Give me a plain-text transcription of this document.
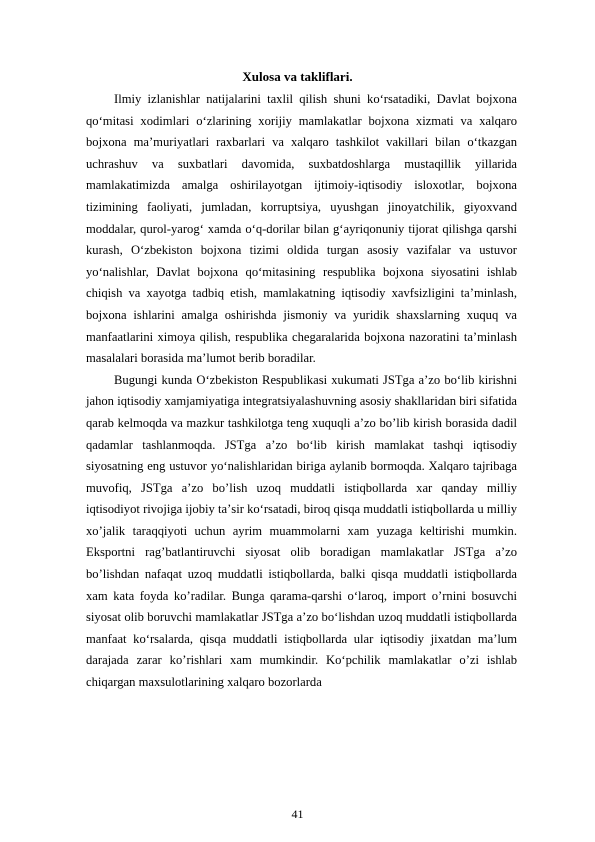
Xulosa va takliflari.

Ilmiy izlanishlar natijalarini taxlil qilish shuni koʻrsatadiki, Davlat bojxona qoʻmitasi xodimlari oʻzlarining xorijiy mamlakatlar bojxona xizmati va xalqaro bojxona maʼmuriyatlari raxbarlari va xalqaro tashkilot vakillari bilan oʻtkazgan uchrashuv va suxbatlari davomida, suxbatdoshlarga mustaqillik yillarida mamlakatimizda amalga oshirilayotgan ijtimoiy-iqtisodiy isloxotlar, bojxona tizimining faoliyati, jumladan, korruptsiya, uyushgan jinoyatchilik, giyoxvand moddalar, qurol-yarogʻ xamda oʻq-dorilar bilan gʻayriqonuniy tijorat qilishga qarshi kurash, Oʻzbekiston bojxona tizimi oldida turgan asosiy vazifalar va ustuvor yoʻnalishlar, Davlat bojxona qoʻmitasining respublika bojxona siyosatini ishlab chiqish va xayotga tadbiq etish, mamlakatning iqtisodiy xavfsizligini taʼminlash, bojxona ishlarini amalga oshirishda jismoniy va yuridik shaxslarning xuquq va manfaatlarini ximoya qilish, respublika chegaralarida bojxona nazoratini taʼminlash masalalari borasida maʼlumot berib boradilar.

Bugungi kunda Oʻzbekiston Respublikasi xukumati JSTga aʼzo boʻlib kirishni jahon iqtisodiy xamjamiyatiga integratsiyalashuvning asosiy shakllaridan biri sifatida qarab kelmoqda va mazkur tashkilotga teng xuquqli aʼzo boʼlib kirish borasida dadil qadamlar tashlanmoqda. JSTga aʼzo boʻlib kirish mamlakat tashqi iqtisodiy siyosatning eng ustuvor yoʻnalishlaridan biriga aylanib bormoqda. Xalqaro tajribaga muvofiq, JSTga aʼzo boʼlish uzoq muddatli istiqbollarda xar qanday milliy iqtisodiyot rivojiga ijobiy taʼsir koʻrsatadi, biroq qisqa muddatli istiqbollarda u milliy xoʼjalik taraqqiyoti uchun ayrim muammolarni xam yuzaga keltirishi mumkin. Eksportni ragʼbatlantiruvchi siyosat olib boradigan mamlakatlar JSTga aʼzo boʼlishdan nafaqat uzoq muddatli istiqbollarda, balki qisqa muddatli istiqbollarda xam kata foyda koʼradilar. Bunga qarama-qarshi oʻlaroq, import oʼrnini bosuvchi siyosat olib boruvchi mamlakatlar JSTga aʼzo boʻlishdan uzoq muddatli istiqbollarda manfaat koʻrsalarda, qisqa muddatli istiqbollarda ular iqtisodiy jixatdan maʼlum darajada zarar koʼrishlari xam mumkindir. Koʻpchilik mamlakatlar oʼzi ishlab chiqargan maxsulotlarining xalqaro bozorlarda

41
